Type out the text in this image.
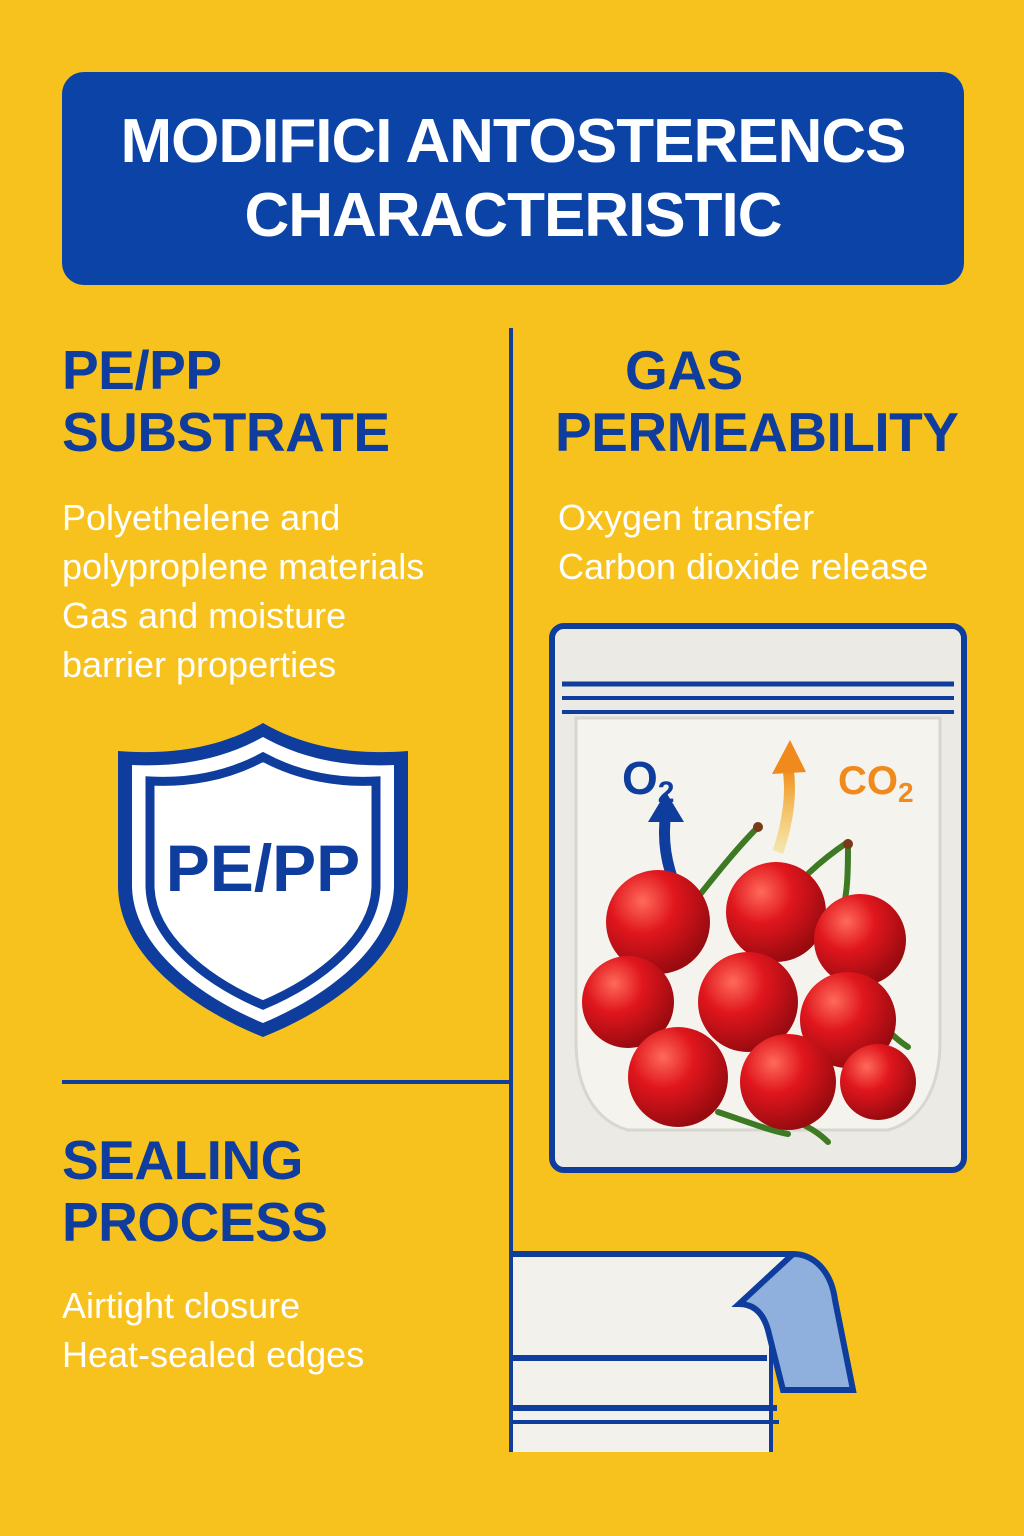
MODIFICI ANTOSTERENCS
CHARACTERISTIC
PE/PP
SUBSTRATE

Polyethelene and
polyproplene materials
Gas and moisture
barrier properties

PE/PP
GAS
PERMEABILITY

Oxygen transfer
Carbon dioxide release

O2	$CO_2$
SEALING
PROCESS

Airtight closure
Heat-sealed edges
